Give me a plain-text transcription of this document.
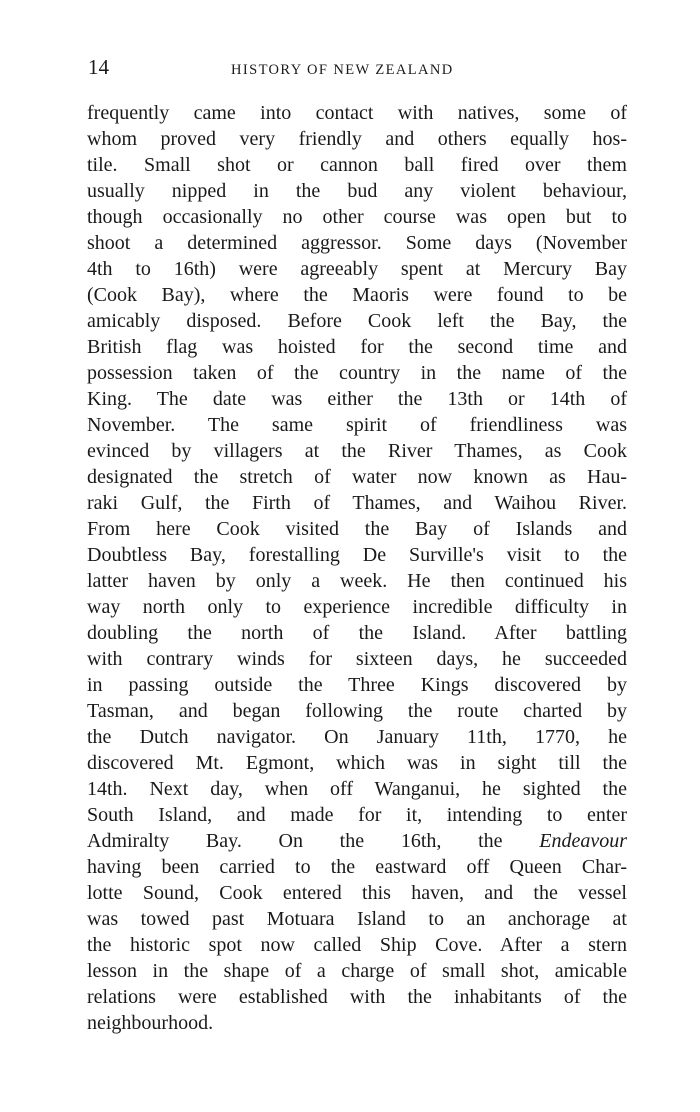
14	HISTORY OF NEW ZEALAND
frequently came into contact with natives, some of
whom proved very friendly and others equally hos-
tile. Small shot or cannon ball fired over them
usually nipped in the bud any violent behaviour,
though occasionally no other course was open but to
shoot a determined aggressor. Some days (November
4th to 16th) were agreeably spent at Mercury Bay
(Cook Bay), where the Maoris were found to be
amicably disposed. Before Cook left the Bay, the
British flag was hoisted for the second time and
possession taken of the country in the name of the
King. The date was either the 13th or 14th of
November. The same spirit of friendliness was
evinced by villagers at the River Thames, as Cook
designated the stretch of water now known as Hau-
raki Gulf, the Firth of Thames, and Waihou River.
From here Cook visited the Bay of Islands and
Doubtless Bay, forestalling De Surville's visit to the
latter haven by only a week. He then continued his
way north only to experience incredible difficulty in
doubling the north of the Island. After battling
with contrary winds for sixteen days, he succeeded
in passing outside the Three Kings discovered by
Tasman, and began following the route charted by
the Dutch navigator. On January 11th, 1770, he
discovered Mt. Egmont, which was in sight till the
14th. Next day, when off Wanganui, he sighted the
South Island, and made for it, intending to enter
Admiralty Bay. On the 16th, the Endeavour
having been carried to the eastward off Queen Char-
lotte Sound, Cook entered this haven, and the vessel
was towed past Motuara Island to an anchorage at
the historic spot now called Ship Cove. After a stern
lesson in the shape of a charge of small shot, amicable
relations were established with the inhabitants of the
neighbourhood.
